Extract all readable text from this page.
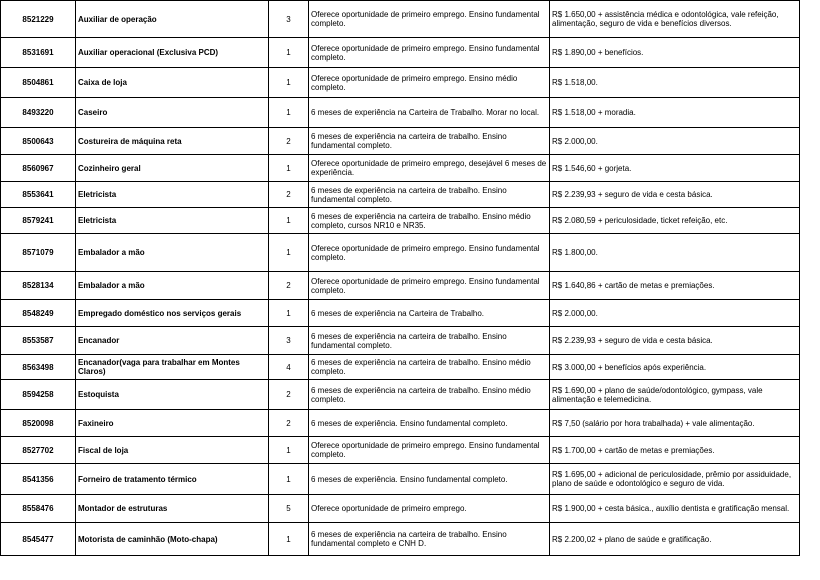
8521229	Auxiliar de operação	3	Oferece oportunidade de primeiro emprego. Ensino fundamental completo.	R$ 1.650,00 + assistência médica e odontológica, vale refeição, alimentação, seguro de vida e benefícios diversos.
8531691	Auxiliar operacional (Exclusiva PCD)	1	Oferece oportunidade de primeiro emprego. Ensino fundamental completo.	R$ 1.890,00 + benefícios.
8504861	Caixa de loja	1	Oferece oportunidade de primeiro emprego. Ensino médio completo.	R$ 1.518,00.
8493220	Caseiro	1	6 meses de experiência na Carteira de Trabalho. Morar no local.	R$ 1.518,00 + moradia.
8500643	Costureira de máquina reta	2	6 meses de experiência na carteira de trabalho. Ensino fundamental completo.	R$ 2.000,00.
8560967	Cozinheiro geral	1	Oferece oportunidade de primeiro emprego, desejável 6 meses de experiência.	R$ 1.546,60 + gorjeta.
8553641	Eletricista	2	6 meses de experiência na carteira de trabalho. Ensino fundamental completo.	R$ 2.239,93 + seguro de vida e cesta básica.
8579241	Eletricista	1	6 meses de experiência na carteira de trabalho. Ensino médio completo, cursos NR10 e NR35.	R$ 2.080,59 + periculosidade, ticket refeição, etc.
8571079	Embalador a mão	1	Oferece oportunidade de primeiro emprego. Ensino fundamental completo.	R$ 1.800,00.
8528134	Embalador a mão	2	Oferece oportunidade de primeiro emprego. Ensino fundamental completo.	R$ 1.640,86 + cartão de metas e premiações.
8548249	Empregado doméstico nos serviços gerais	1	6 meses de experiência na Carteira de Trabalho.	R$ 2.000,00.
8553587	Encanador	3	6 meses de experiência na carteira de trabalho. Ensino fundamental completo.	R$ 2.239,93 + seguro de vida e cesta básica.
8563498	Encanador(vaga para trabalhar em Montes Claros)	4	6 meses de experiência na carteira de trabalho. Ensino médio completo.	R$ 3.000,00 + benefícios após experiência.
8594258	Estoquista	2	6 meses de experiência na carteira de trabalho. Ensino médio completo.	R$ 1.690,00 + plano de saúde/odontológico, gympass, vale alimentação e telemedicina.
8520098	Faxineiro	2	6 meses de experiência. Ensino fundamental completo.	R$ 7,50 (salário por hora trabalhada) + vale alimentação.
8527702	Fiscal de loja	1	Oferece oportunidade de primeiro emprego. Ensino fundamental completo.	R$ 1.700,00 + cartão de metas e premiações.
8541356	Forneiro de tratamento térmico	1	6 meses de experiência. Ensino fundamental completo.	R$ 1.695,00 + adicional de periculosidade, prêmio por assiduidade, plano de saúde e odontológico e seguro de vida.
8558476	Montador de estruturas	5	Oferece oportunidade de primeiro emprego.	R$ 1.900,00 + cesta básica., auxílio dentista e gratificação mensal.
8545477	Motorista de caminhão (Moto-chapa)	1	6 meses de experiência na carteira de trabalho. Ensino fundamental completo e CNH D.	R$ 2.200,02 + plano de saúde e gratificação.
